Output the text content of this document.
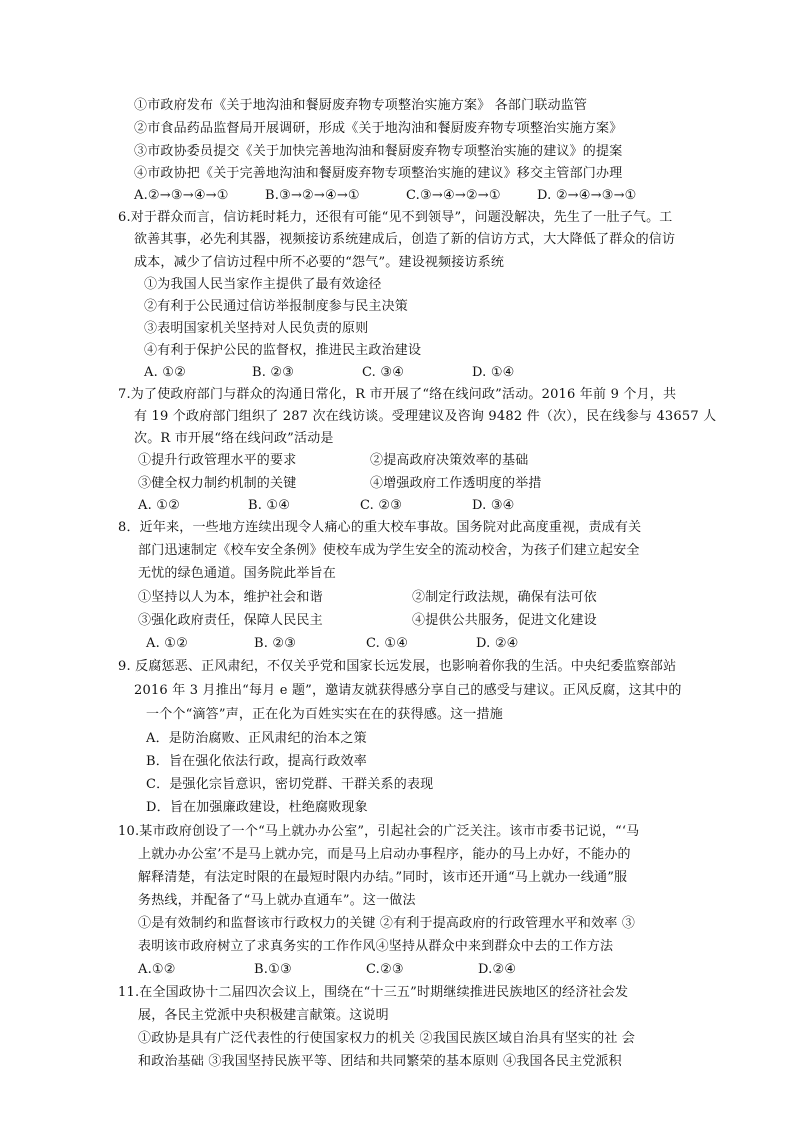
①市政府发布《关于地沟油和餐厨废弃物专项整治实施方案》 各部门联动监管
②市食品药品监督局开展调研，形成《关于地沟油和餐厨废弃物专项整治实施方案》
③市政协委员提交《关于加快完善地沟油和餐厨废弃物专项整治实施的建议》的提案
④市政协把《关于完善地沟油和餐厨废弃物专项整治实施的建议》移交主管部门办理
A.②→③→④→①	B.③→②→④→①	C.③→④→②→①	D. ②→④→③→①
6.对于群众而言，信访耗时耗力，还很有可能“见不到领导”，问题没解决，先生了一肚子气。工
欲善其事，必先利其器，视频接访系统建成后，创造了新的信访方式，大大降低了群众的信访
成本，减少了信访过程中所不必要的“怨气”。建设视频接访系统
①为我国人民当家作主提供了最有效途径
②有利于公民通过信访举报制度参与民主决策
③表明国家机关坚持对人民负责的原则
④有利于保护公民的监督权，推进民主政治建设
A. ①②	B. ②③	C. ③④	D. ①④
7.为了使政府部门与群众的沟通日常化，R 市开展了“络在线问政”活动。2016 年前 9 个月，共
有 19 个政府部门组织了 287 次在线访谈。受理建议及咨询 9482 件（次），民在线参与 43657 人
次。R 市开展“络在线问政”活动是
①提升行政管理水平的要求	②提高政府决策效率的基础
③健全权力制约机制的关键	④增强政府工作透明度的举措
A. ①②	B. ①④	C. ②③	D. ③④
8．近年来，一些地方连续出现令人痛心的重大校车事故。国务院对此高度重视，责成有关
部门迅速制定《校车安全条例》使校车成为学生安全的流动校舍，为孩子们建立起安全
无忧的绿色通道。国务院此举旨在
①坚持以人为本，维护社会和谐	②制定行政法规，确保有法可依
③强化政府责任，保障人民民主	④提供公共服务，促进文化建设
A. ①②	B. ②③	C. ①④	D. ②④
9. 反腐惩恶、正风肃纪，不仅关乎党和国家长远发展，也影响着你我的生活。中央纪委监察部站
2016 年 3 月推出“每月 e 题”，邀请友就获得感分享自己的感受与建议。正风反腐，这其中的
一个个“滴答”声，正在化为百姓实实在在的获得感。这一措施
A．是防治腐败、正风肃纪的治本之策
B．旨在强化依法行政，提高行政效率
C．是强化宗旨意识，密切党群、干群关系的表现
D．旨在加强廉政建设，杜绝腐败现象
10.某市政府创设了一个“马上就办办公室”，引起社会的广泛关注。该市市委书记说，“‘马
上就办办公室’不是马上就办完，而是马上启动办事程序，能办的马上办好，不能办的
解释清楚，有法定时限的在最短时限内办结。”同时，该市还开通“马上就办一线通”服
务热线，并配备了“马上就办直通车”。这一做法
①是有效制约和监督该市行政权力的关键 ②有利于提高政府的行政管理水平和效率 ③
表明该市政府树立了求真务实的工作作风④坚持从群众中来到群众中去的工作方法
A.①②	B.①③	C.②③	D.②④
11.在全国政协十二届四次会议上，围绕在“十三五”时期继续推进民族地区的经济社会发
展，各民主党派中央积极建言献策。这说明
①政协是具有广泛代表性的行使国家权力的机关 ②我国民族区域自治具有坚实的社 会
和政治基础 ③我国坚持民族平等、团结和共同繁荣的基本原则 ④我国各民主党派积
